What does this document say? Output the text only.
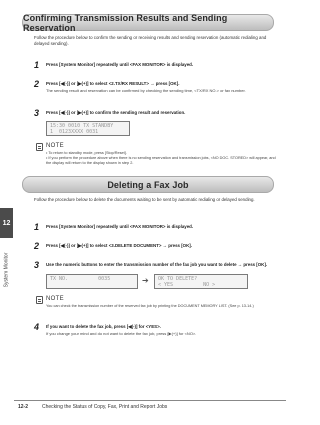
12
System Monitor
Confirming Transmission Results and Sending Reservation
Follow the procedure below to confirm the sending or receiving results and sending reservation (automatic redialing and delayed sending).
1 Press [System Monitor] repeatedly until <FAX MONITOR> is displayed.
2 Press [◀(-)] or [▶(+)] to select <2.TX/RX RESULT> → press [OK].
The sending result and reservation can be confirmed by checking the sending time, <TX/RX NO.> or fax number.
3 Press [◀(-)] or [▶(+)] to confirm the sending result and reservation.
15:30 0010 TX STANDBY
1  0123XXXX 0031
NOTE
• To return to standby mode, press [Stop/Reset].
• If you perform the procedure above when there is no sending reservation and transmission jobs, <NO DOC. STORED> will appear, and the display will return to the display shown in step 2.
Deleting a Fax Job
Follow the procedure below to delete the documents waiting to be sent by automatic redialing or delayed sending.
1 Press [System Monitor] repeatedly until <FAX MONITOR> is displayed.
2 Press [◀(-)] or [▶(+)] to select <3.DELETE DOCUMENT> → press [OK].
3 Use the numeric buttons to enter the transmission number of the fax job you want to delete → press [OK].
TX NO.          0035	➔ OK TO DELETE?
< YES          NO >
NOTE
You can check the transmission number of the reserved fax job by printing the DOCUMENT MEMORY LIST. (See p. 13-14.)
4 If you want to delete the fax job, press [◀(-)] for <YES>.
If you change your mind and do not want to delete the fax job, press [▶(+)] for <NO>.
12-2	Checking the Status of Copy, Fax, Print and Report Jobs
